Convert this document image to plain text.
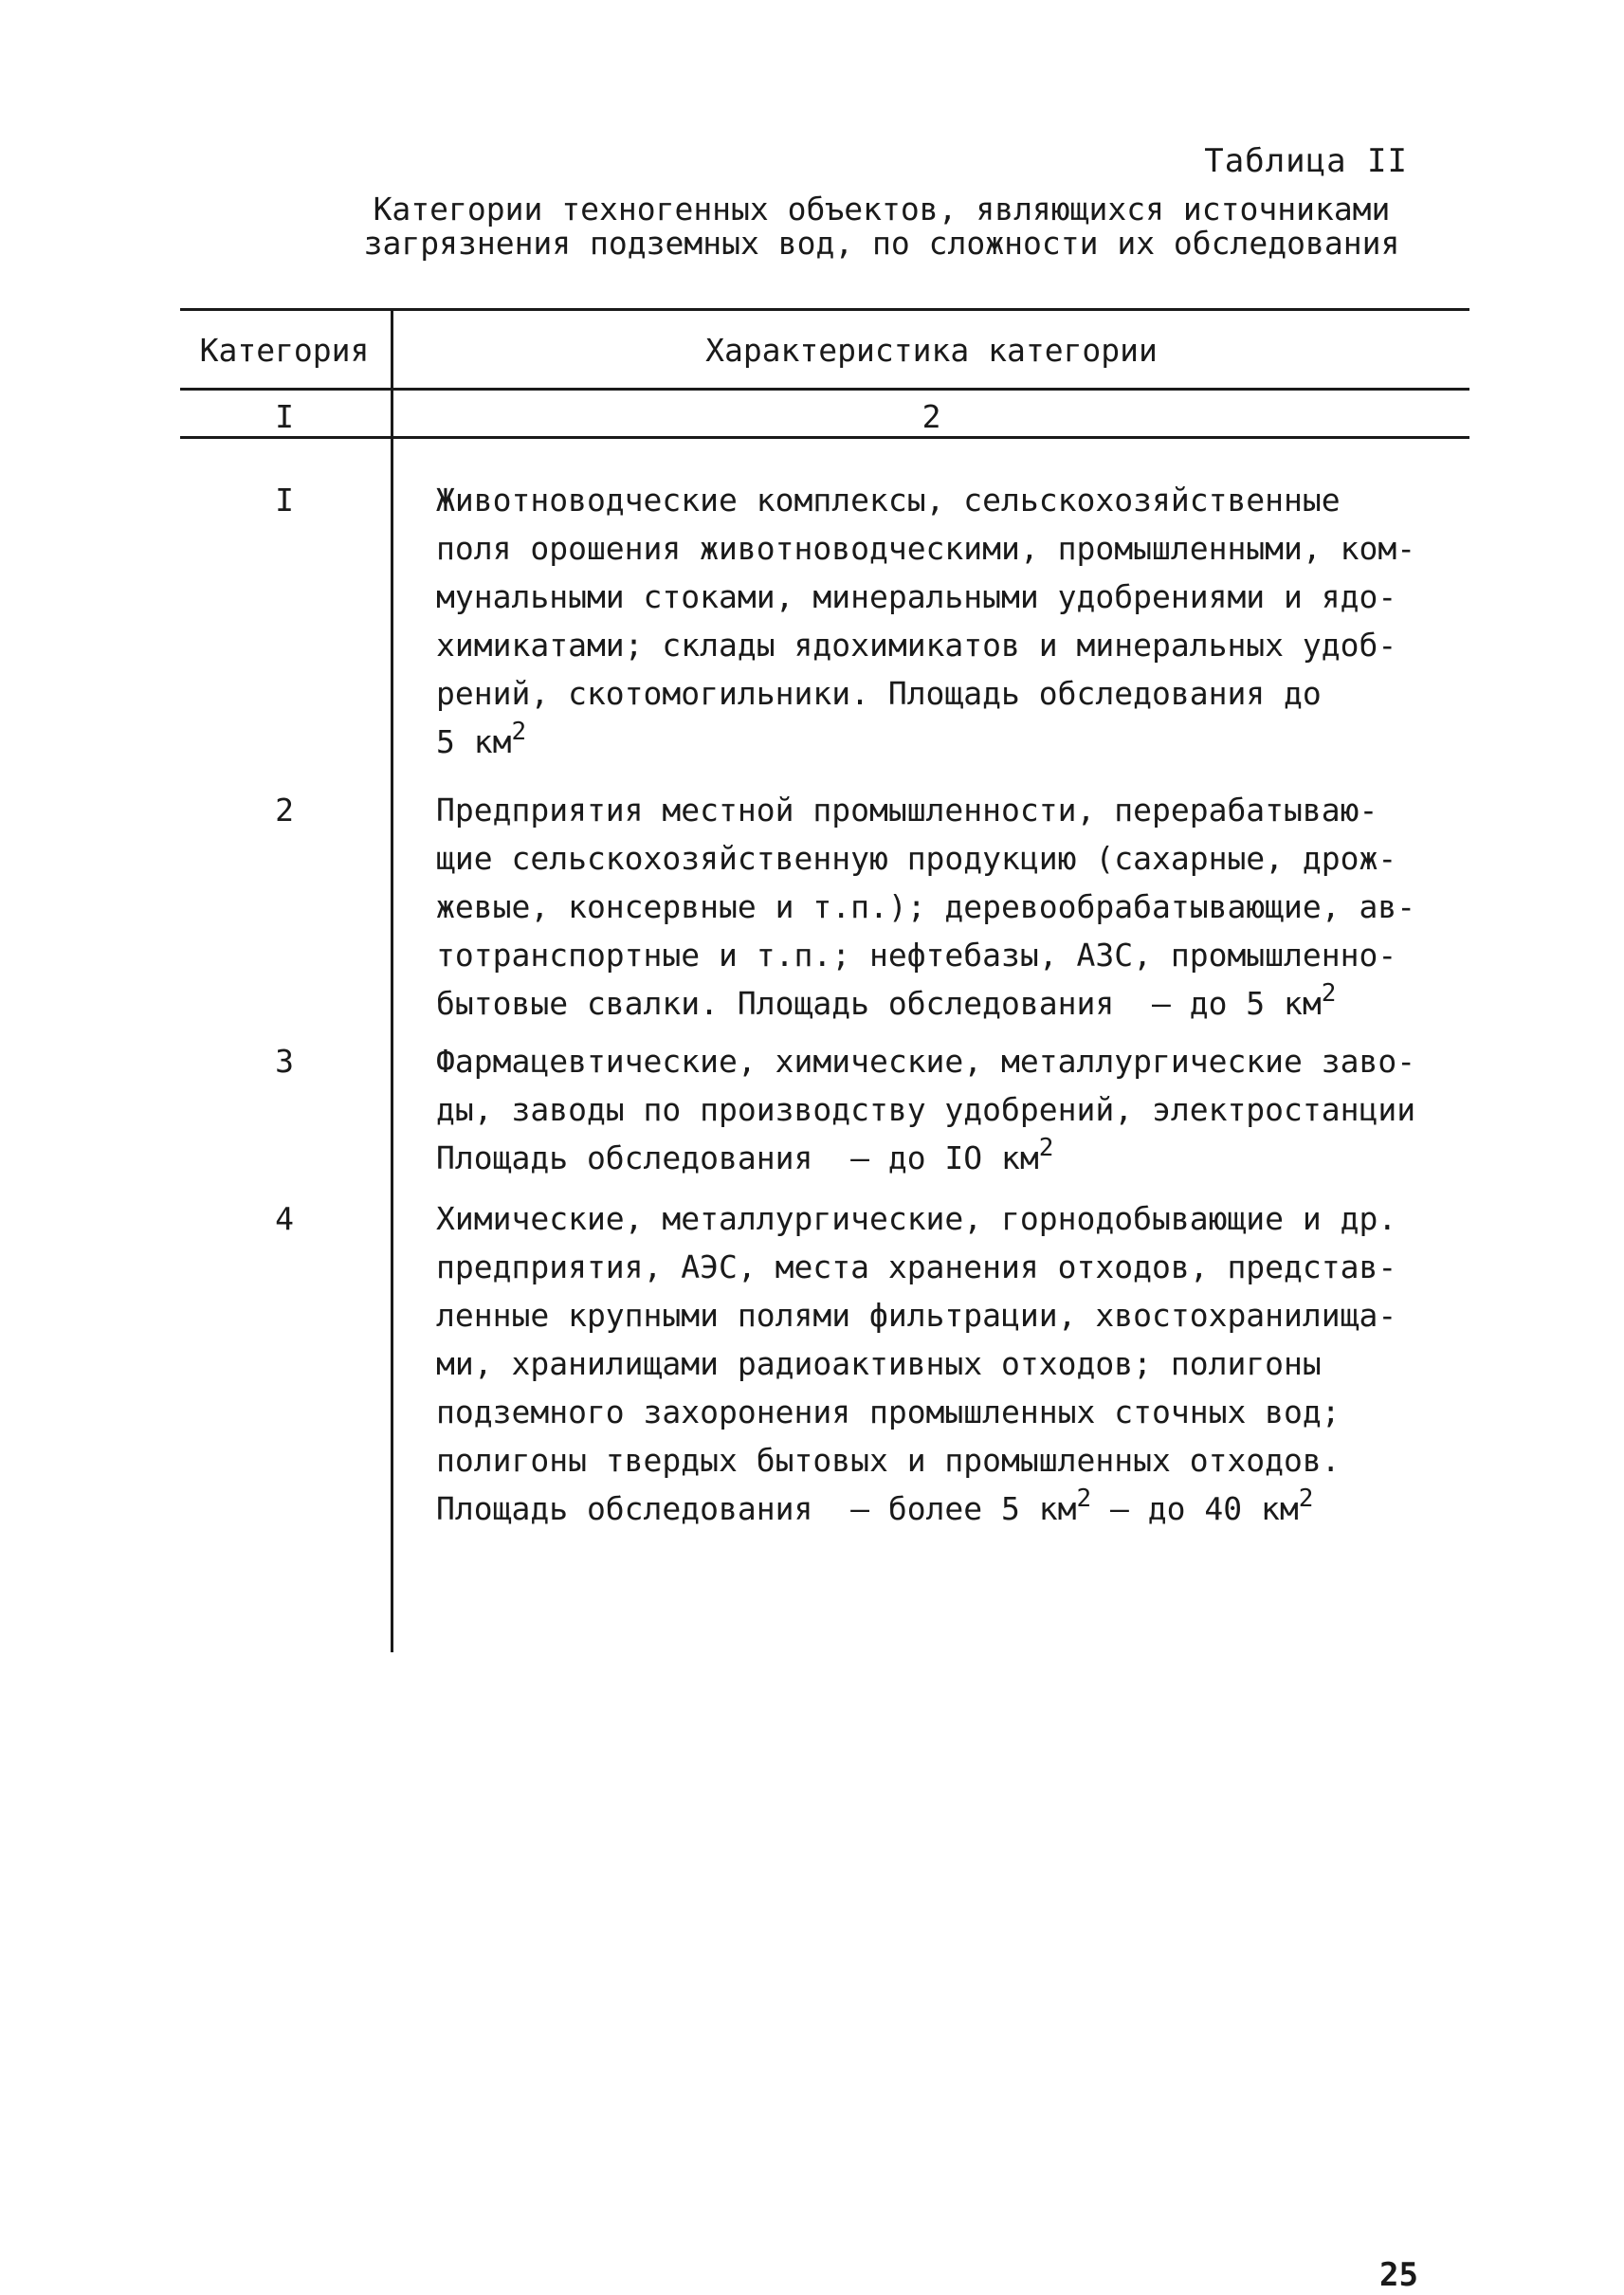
Таблица II
Категории техногенных объектов, являющихся источниками
загрязнения подземных вод, по сложности их обследования
Категория	Характеристика категории
I	2
I	Животноводческие комплексы, сельскохозяйственные
поля орошения животноводческими, промышленными, ком-
мунальными стоками, минеральными удобрениями и ядо-
химикатами; склады ядохимикатов и минеральных удоб-
рений, скотомогильники. Площадь обследования до
5 $км^2$
2	Предприятия местной промышленности, перерабатываю-
щие сельскохозяйственную продукцию (сахарные, дрож-
жевые, консервные и т.п.); деревообрабатывающие, ав-
тотранспортные и т.п.; нефтебазы, АЗС, промышленно-
бытовые свалки. Площадь обследования  – до 5 $км^2$
3	Фармацевтические, химические, металлургические заво-
ды, заводы по производству удобрений, электростанции
Площадь обследования  – до IO $км^2$
4	Химические, металлургические, горнодобывающие и др.
предприятия, АЭС, места хранения отходов, представ-
ленные крупными полями фильтрации, хвостохранилища-
ми, хранилищами радиоактивных отходов; полигоны
подземного захоронения промышленных сточных вод;
полигоны твердых бытовых и промышленных отходов.
Площадь обследования  – более 5 $км^2$ – до 40 $км^2$
25
